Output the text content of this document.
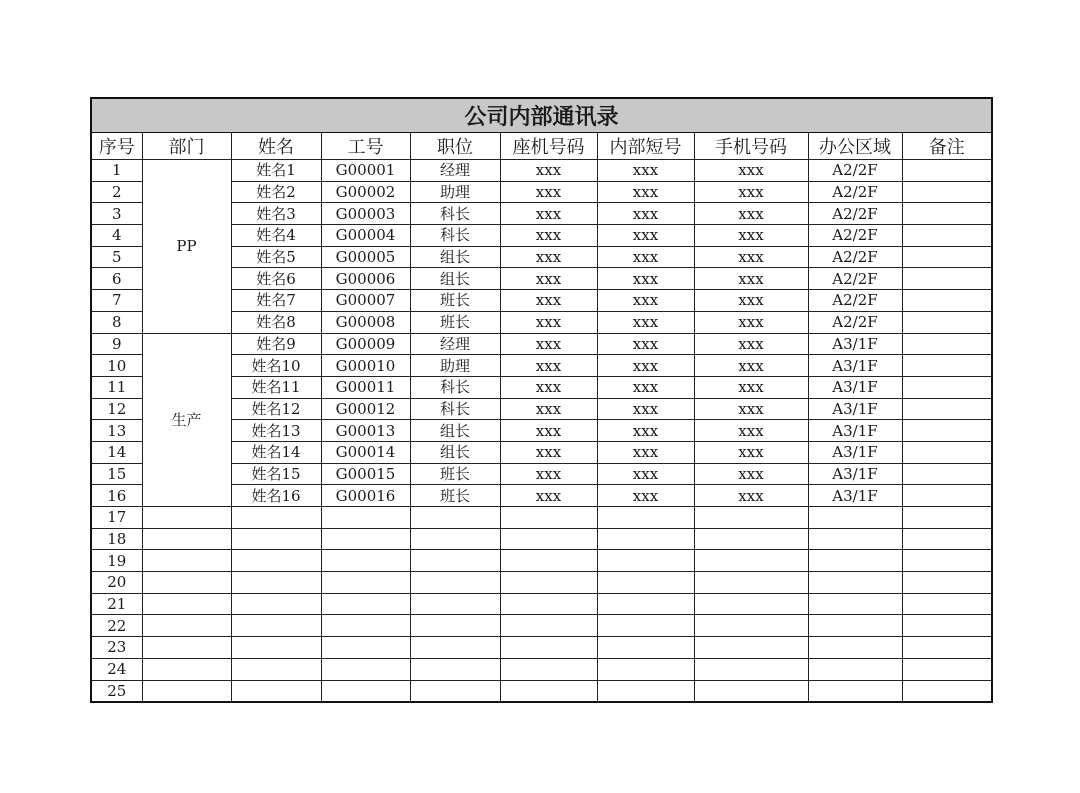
公司内部通讯录									
序号	部门	姓名	工号	职位	座机号码	内部短号	手机号码	办公区域	备注
1	PP	姓名1	G00001	经理	xxx	xxx	xxx	A2/2F	
2		姓名2	G00002	助理	xxx	xxx	xxx	A2/2F	
3		姓名3	G00003	科长	xxx	xxx	xxx	A2/2F	
4		姓名4	G00004	科长	xxx	xxx	xxx	A2/2F	
5		姓名5	G00005	组长	xxx	xxx	xxx	A2/2F	
6		姓名6	G00006	组长	xxx	xxx	xxx	A2/2F	
7		姓名7	G00007	班长	xxx	xxx	xxx	A2/2F	
8		姓名8	G00008	班长	xxx	xxx	xxx	A2/2F	
9	生产	姓名9	G00009	经理	xxx	xxx	xxx	A3/1F	
10		姓名10	G00010	助理	xxx	xxx	xxx	A3/1F	
11		姓名11	G00011	科长	xxx	xxx	xxx	A3/1F	
12		姓名12	G00012	科长	xxx	xxx	xxx	A3/1F	
13		姓名13	G00013	组长	xxx	xxx	xxx	A3/1F	
14		姓名14	G00014	组长	xxx	xxx	xxx	A3/1F	
15		姓名15	G00015	班长	xxx	xxx	xxx	A3/1F	
16		姓名16	G00016	班长	xxx	xxx	xxx	A3/1F	
17									
18									
19									
20									
21									
22									
23									
24									
25									
